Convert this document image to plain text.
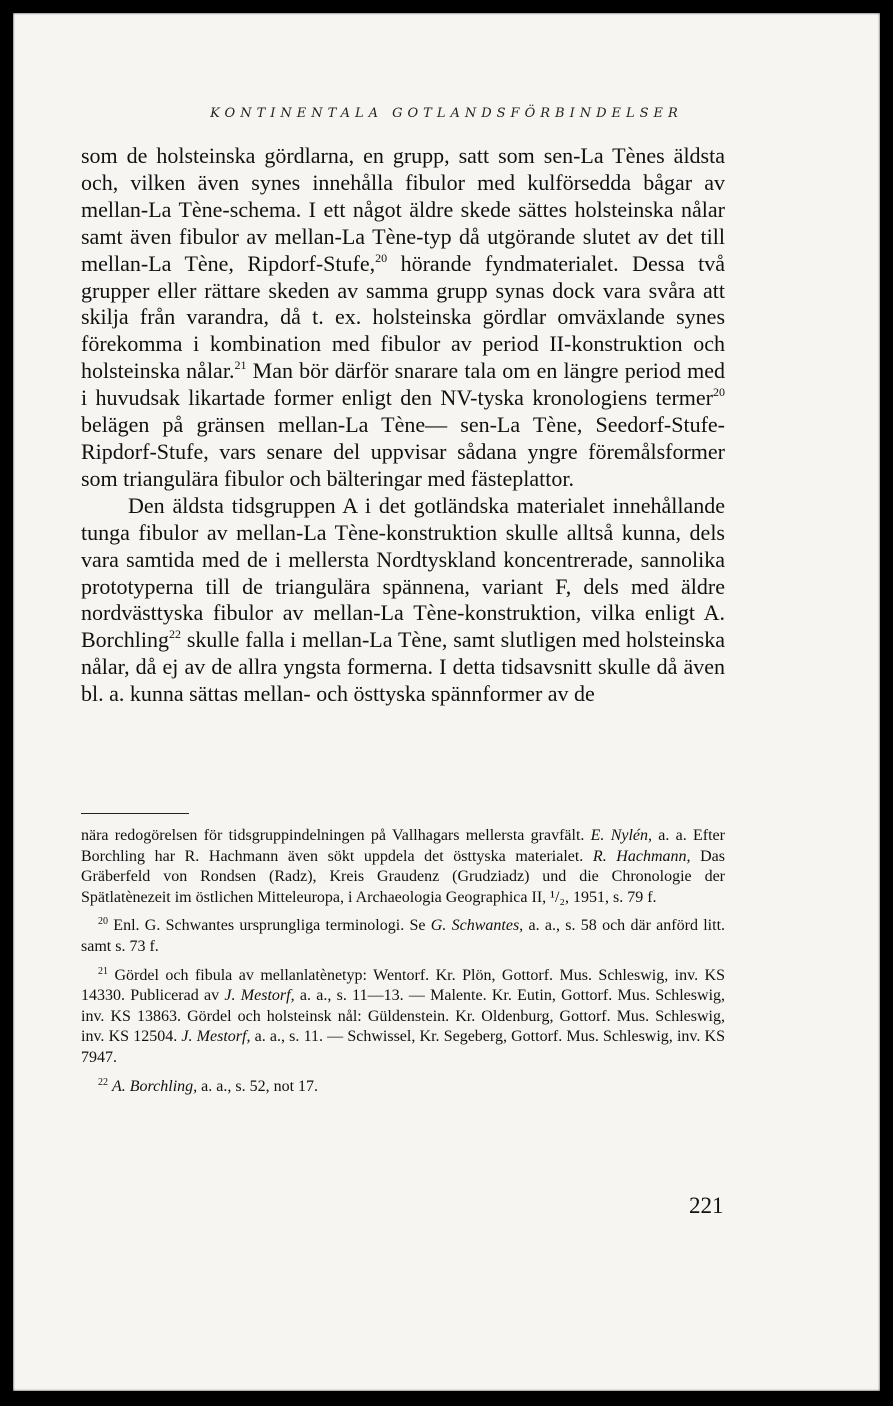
KONTINENTALA GOTLANDSFÖRBINDELSER

som de holsteinska gördlarna, en grupp, satt som sen-La Tènes äldsta och, vilken även synes innehålla fibulor med kulförsedda bågar av mellan-La Tène-schema. I ett något äldre skede sättes holsteinska nålar samt även fibulor av mellan-La Tène-typ då utgörande slutet av det till mellan-La Tène, Ripdorf-Stufe,$^{20}$ hörande fyndmaterialet. Dessa två grupper eller rättare skeden av samma grupp synas dock vara svåra att skilja från varandra, då t. ex. holsteinska gördlar omväxlande synes förekomma i kombination med fibulor av period II-konstruktion och holsteinska nålar.$^{21}$ Man bör därför snarare tala om en längre period med i huvudsak likartade former enligt den NV-tyska kronologiens termer$^{20}$ belägen på gränsen mellan-La Tène— sen-La Tène, Seedorf-Stufe-Ripdorf-Stufe, vars senare del uppvisar sådana yngre föremålsformer som triangulära fibulor och bälteringar med fästeplattor.

Den äldsta tidsgruppen A i det gotländska materialet innehållande tunga fibulor av mellan-La Tène-konstruktion skulle alltså kunna, dels vara samtida med de i mellersta Nordtyskland koncentrerade, sannolika prototyperna till de triangulära spännena, variant F, dels med äldre nordvästtyska fibulor av mellan-La Tène-konstruktion, vilka enligt A. Borchling$^{22}$ skulle falla i mellan-La Tène, samt slutligen med holsteinska nålar, då ej av de allra yngsta formerna. I detta tidsavsnitt skulle då även bl. a. kunna sättas mellan- och östtyska spännformer av de

nära redogörelsen för tidsgruppindelningen på Vallhagars mellersta gravfält. E. Nylén, a. a. Efter Borchling har R. Hachmann även sökt uppdela det östtyska materialet. R. Hachmann, Das Gräberfeld von Rondsen (Radz), Kreis Graudenz (Grudziadz) und die Chronologie der Spätlatènezeit im östlichen Mitteleuropa, i Archaeologia Geographica II, ¹/₂, 1951, s. 79 f.

$^{20}$ Enl. G. Schwantes ursprungliga terminologi. Se G. Schwantes, a. a., s. 58 och där anförd litt. samt s. 73 f.

$^{21}$ Gördel och fibula av mellanlatènetyp: Wentorf. Kr. Plön, Gottorf. Mus. Schleswig, inv. KS 14330. Publicerad av J. Mestorf, a. a., s. 11—13. — Malente. Kr. Eutin, Gottorf. Mus. Schleswig, inv. KS 13863. Gördel och holsteinsk nål: Güldenstein. Kr. Oldenburg, Gottorf. Mus. Schleswig, inv. KS 12504. J. Mestorf, a. a., s. 11. — Schwissel, Kr. Segeberg, Gottorf. Mus. Schleswig, inv. KS 7947.

$^{22}$ A. Borchling, a. a., s. 52, not 17.

221
